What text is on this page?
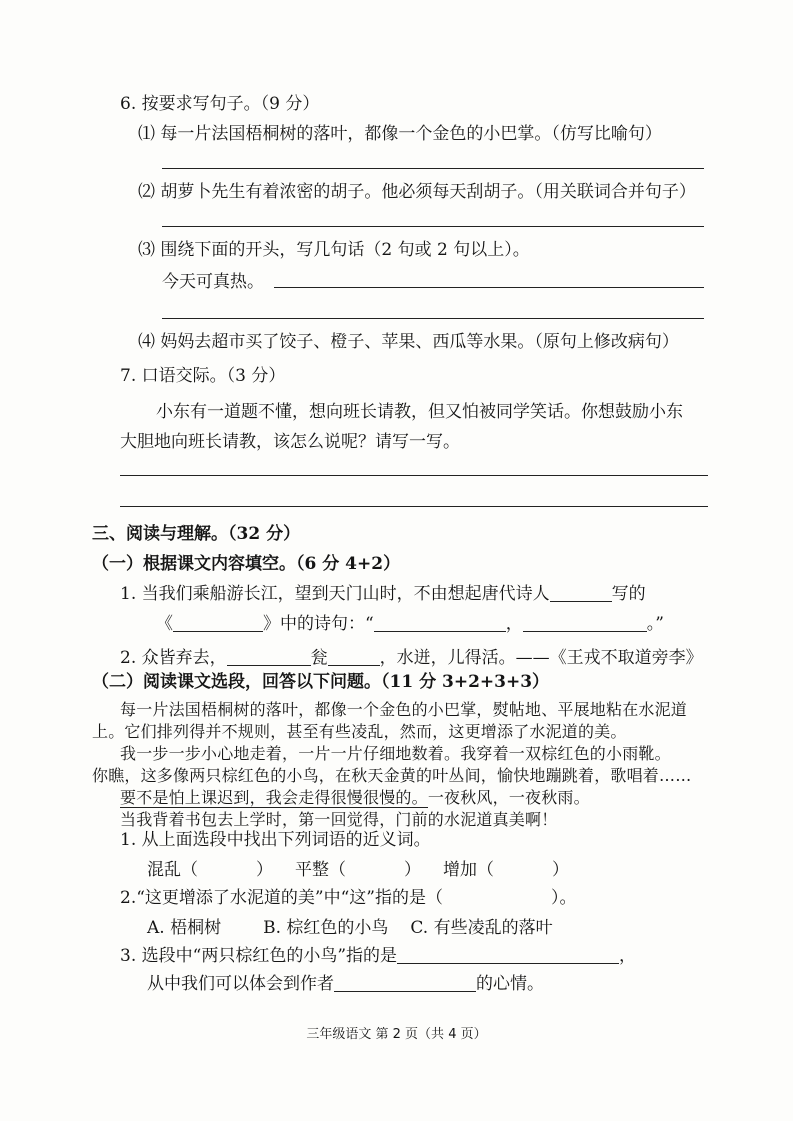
6. 按要求写句子。（9 分）
⑴ 每一片法国梧桐树的落叶，都像一个金色的小巴掌。（仿写比喻句）
⑵ 胡萝卜先生有着浓密的胡子。他必须每天刮胡子。（用关联词合并句子）
⑶ 围绕下面的开头，写几句话（2 句或 2 句以上）。
今天可真热。
⑷ 妈妈去超市买了饺子、橙子、苹果、西瓜等水果。（原句上修改病句）
7. 口语交际。（3 分）
小东有一道题不懂，想向班长请教，但又怕被同学笑话。你想鼓励小东
大胆地向班长请教，该怎么说呢？请写一写。
三、阅读与理解。（32 分）
（一）根据课文内容填空。（6 分 4+2）
1. 当我们乘船游长江，望到天门山时，不由想起唐代诗人	写的
《	》中的诗句：“	，	。”
2. 众皆弃去，	瓮	，水迸，儿得活。——《王戎不取道旁李》
（二）阅读课文选段，回答以下问题。（11 分 3+2+3+3）
每一片法国梧桐树的落叶，都像一个金色的小巴掌，熨帖地、平展地粘在水泥道
上。它们排列得并不规则，甚至有些凌乱，然而，这更增添了水泥道的美。
我一步一步小心地走着，一片一片仔细地数着。我穿着一双棕红色的小雨靴。
你瞧，这多像两只棕红色的小鸟，在秋天金黄的叶丛间，愉快地蹦跳着，歌唱着……
要不是怕上课迟到，我会走得很慢很慢的。一夜秋风，一夜秋雨。
当我背着书包去上学时，第一回觉得，门前的水泥道真美啊！
1. 从上面选段中找出下列词语的近义词。
混乱（	） 平整（	） 增加（	）
2.“这更增添了水泥道的美”中“这”指的是（	）。
A. 梧桐树 B. 棕红色的小鸟 C. 有些凌乱的落叶
3. 选段中“两只棕红色的小鸟”指的是	，
从中我们可以体会到作者	的心情。
三年级语文 第 2 页（共 4 页）
